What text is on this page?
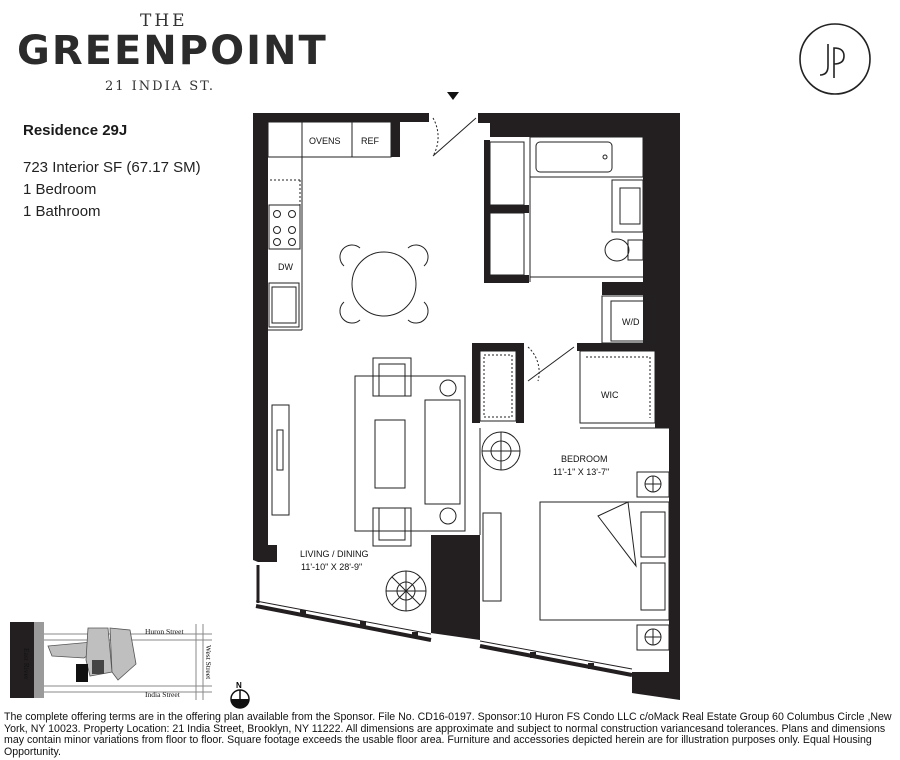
THE
GREENPOINT
21 INDIA ST.
Residence 29J
723 Interior SF (67.17 SM)
1 Bedroom
1 Bathroom
OVENS REF
DW
LIVING / DINING
11'-10" X 28'-9"
W/D
WIC
BEDROOM
11'-1" X 13'-7"
Huron Street
India Street
West Street
East River
N
The complete offering terms are in the offering plan available from the Sponsor. File No. CD16-0197. Sponsor:10 Huron FS Condo LLC c/oMack Real Estate Group 60 Columbus Circle ,New York, NY 10023. Property Location: 21 India Street, Brooklyn, NY 11222. All dimensions are approximate and subject to normal construction variancesand tolerances. Plans and dimensions may contain minor variations from floor to floor. Square footage exceeds the usable floor area. Furniture and accessories depicted herein are for illustration purposes only. Equal Housing Opportunity.
